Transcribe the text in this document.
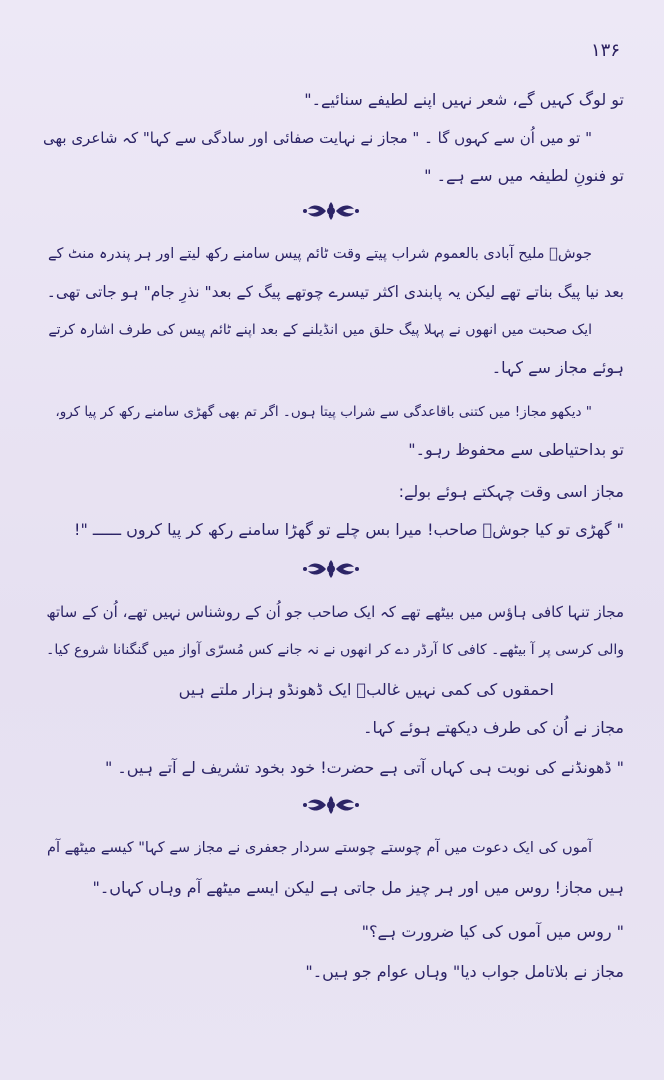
۱۳۶

تو لوگ کہیں گے، شعر نہیں اپنے لطیفے سنائیے۔"

" تو میں اُن سے کہوں گا ۔ " مجاز نے نہایت صفائی اور سادگی سے کہا" کہ شاعری بھی

تو فنونِ لطیفہ میں سے ہے۔ "

جوشؔ ملیح آبادی بالعموم شراب پیتے وقت ٹائم پیس سامنے رکھ لیتے اور ہر پندرہ منٹ کے

بعد نیا پیگ بناتے تھے لیکن یہ پابندی اکثر تیسرے چوتھے پیگ کے بعد" نذرِ جام" ہو جاتی تھی۔

ایک صحبت میں انھوں نے پہلا پیگ حلق میں انڈیلنے کے بعد اپنے ٹائم پیس کی طرف اشارہ کرتے

ہوئے مجاز سے کہا۔

" دیکھو مجاز! میں کتنی باقاعدگی سے شراب پیتا ہوں۔ اگر تم بھی گھڑی سامنے رکھ کر پیا کرو،

تو بداحتیاطی سے محفوظ رہو۔"

مجاز اسی وقت چہکتے ہوئے بولے:

" گھڑی تو کیا جوشؔ صاحب! میرا بس چلے تو گھڑا سامنے رکھ کر پیا کروں ــــــ "!

مجاز تنہا کافی ہاؤس میں بیٹھے تھے کہ ایک صاحب جو اُن کے روشناس نہیں تھے، اُن کے ساتھ

والی کرسی پر آ بیٹھے۔ کافی کا آرڈر دے کر انھوں نے نہ جانے کس مُسرّی آواز میں گنگنانا شروع کیا۔

احمقوں کی کمی نہیں غالبؔ ایک ڈھونڈو ہزار ملتے ہیں

مجاز نے اُن کی طرف دیکھتے ہوئے کہا۔

" ڈھونڈنے کی نوبت ہی کہاں آتی ہے حضرت! خود بخود تشریف لے آتے ہیں۔ "

آموں کی ایک دعوت میں آم چوستے چوستے سردار جعفری نے مجاز سے کہا" کیسے میٹھے آم

ہیں مجاز! روس میں اور ہر چیز مل جاتی ہے لیکن ایسے میٹھے آم وہاں کہاں۔"

" روس میں آموں کی کیا ضرورت ہے؟"

مجاز نے بلاتامل جواب دیا" وہاں عوام جو ہیں۔"
